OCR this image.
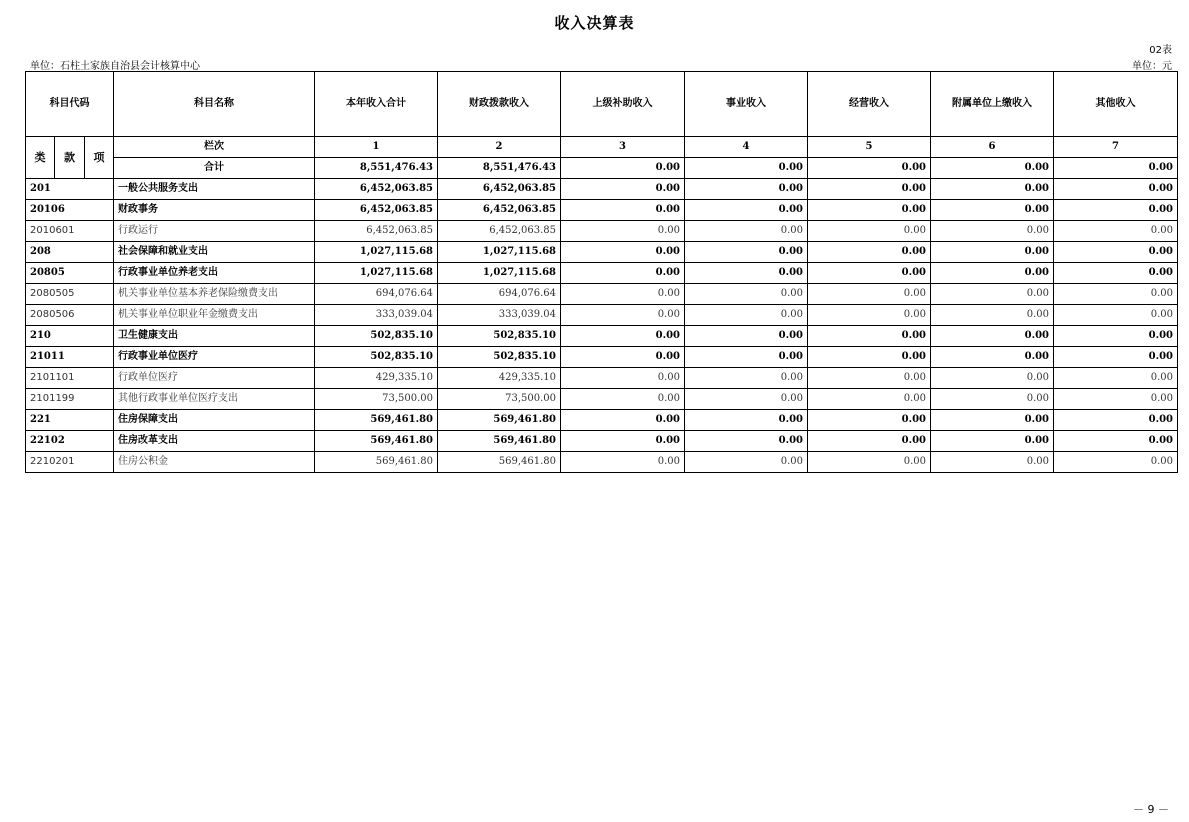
收入决算表
02表
单位：石柱土家族自治县会计核算中心	单位：元
科目代码			科目名称	本年收入合计	财政拨款收入	上级补助收入	事业收入	经营收入	附属单位上缴收入	其他收入
类	款	项	栏次	1	2	3	4	5	6	7
			合计	8,551,476.43	8,551,476.43	0.00	0.00	0.00	0.00	0.00
201			一般公共服务支出	6,452,063.85	6,452,063.85	0.00	0.00	0.00	0.00	0.00
20106			财政事务	6,452,063.85	6,452,063.85	0.00	0.00	0.00	0.00	0.00
2010601			行政运行	6,452,063.85	6,452,063.85	0.00	0.00	0.00	0.00	0.00
208			社会保障和就业支出	1,027,115.68	1,027,115.68	0.00	0.00	0.00	0.00	0.00
20805			行政事业单位养老支出	1,027,115.68	1,027,115.68	0.00	0.00	0.00	0.00	0.00
2080505			机关事业单位基本养老保险缴费支出	694,076.64	694,076.64	0.00	0.00	0.00	0.00	0.00
2080506			机关事业单位职业年金缴费支出	333,039.04	333,039.04	0.00	0.00	0.00	0.00	0.00
210			卫生健康支出	502,835.10	502,835.10	0.00	0.00	0.00	0.00	0.00
21011			行政事业单位医疗	502,835.10	502,835.10	0.00	0.00	0.00	0.00	0.00
2101101			行政单位医疗	429,335.10	429,335.10	0.00	0.00	0.00	0.00	0.00
2101199			其他行政事业单位医疗支出	73,500.00	73,500.00	0.00	0.00	0.00	0.00	0.00
221			住房保障支出	569,461.80	569,461.80	0.00	0.00	0.00	0.00	0.00
22102			住房改革支出	569,461.80	569,461.80	0.00	0.00	0.00	0.00	0.00
2210201			住房公积金	569,461.80	569,461.80	0.00	0.00	0.00	0.00	0.00
－ 9 －
